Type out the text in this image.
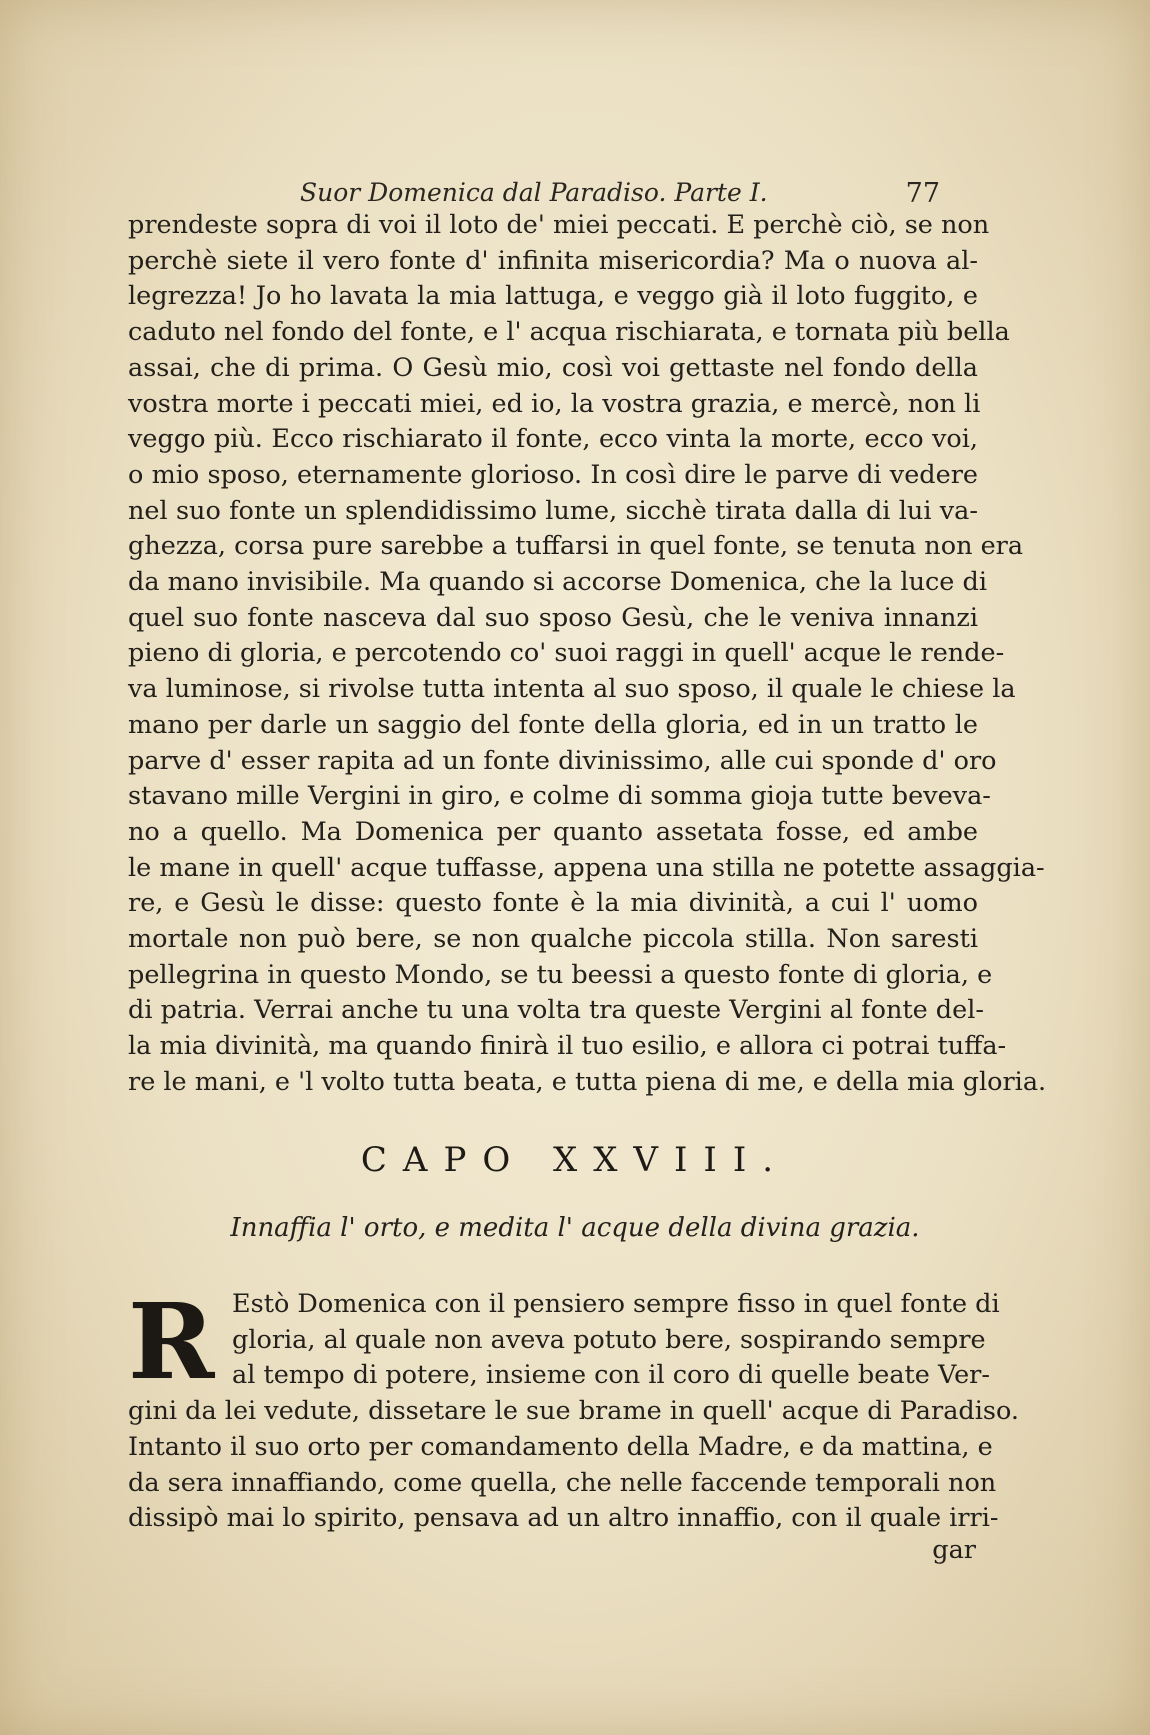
Suor Domenica dal Paradiso. Parte I.	77
prendeste sopra di voi il loto de' miei peccati. E perchè ciò, se non
perchè siete il vero fonte d' infinita misericordia? Ma o nuova al-
legrezza! Jo ho lavata la mia lattuga, e veggo già il loto fuggito, e
caduto nel fondo del fonte, e l' acqua rischiarata, e tornata più bella
assai, che di prima. O Gesù mio, così voi gettaste nel fondo della
vostra morte i peccati miei, ed io, la vostra grazia, e mercè, non li
veggo più. Ecco rischiarato il fonte, ecco vinta la morte, ecco voi,
o mio sposo, eternamente glorioso. In così dire le parve di vedere
nel suo fonte un splendidissimo lume, sicchè tirata dalla di lui va-
ghezza, corsa pure sarebbe a tuffarsi in quel fonte, se tenuta non era
da mano invisibile. Ma quando si accorse Domenica, che la luce di
quel suo fonte nasceva dal suo sposo Gesù, che le veniva innanzi
pieno di gloria, e percotendo co' suoi raggi in quell' acque le rende-
va luminose, si rivolse tutta intenta al suo sposo, il quale le chiese la
mano per darle un saggio del fonte della gloria, ed in un tratto le
parve d' esser rapita ad un fonte divinissimo, alle cui sponde d' oro
stavano mille Vergini in giro, e colme di somma gioja tutte beveva-
no a quello. Ma Domenica per quanto assetata fosse, ed ambe
le mane in quell' acque tuffasse, appena una stilla ne potette assaggia-
re, e Gesù le disse: questo fonte è la mia divinità, a cui l' uomo
mortale non può bere, se non qualche piccola stilla. Non saresti
pellegrina in questo Mondo, se tu beessi a questo fonte di gloria, e
di patria. Verrai anche tu una volta tra queste Vergini al fonte del-
la mia divinità, ma quando finirà il tuo esilio, e allora ci potrai tuffa-
re le mani, e 'l volto tutta beata, e tutta piena di me, e della mia gloria.
CAPO XXVIII.
Innaffia l' orto, e medita l' acque della divina grazia.
R Estò Domenica con il pensiero sempre fisso in quel fonte di
gloria, al quale non aveva potuto bere, sospirando sempre
al tempo di potere, insieme con il coro di quelle beate Ver-
gini da lei vedute, dissetare le sue brame in quell' acque di Paradiso.
Intanto il suo orto per comandamento della Madre, e da mattina, e
da sera innaffiando, come quella, che nelle faccende temporali non
dissipò mai lo spirito, pensava ad un altro innaffio, con il quale irri-
gar
